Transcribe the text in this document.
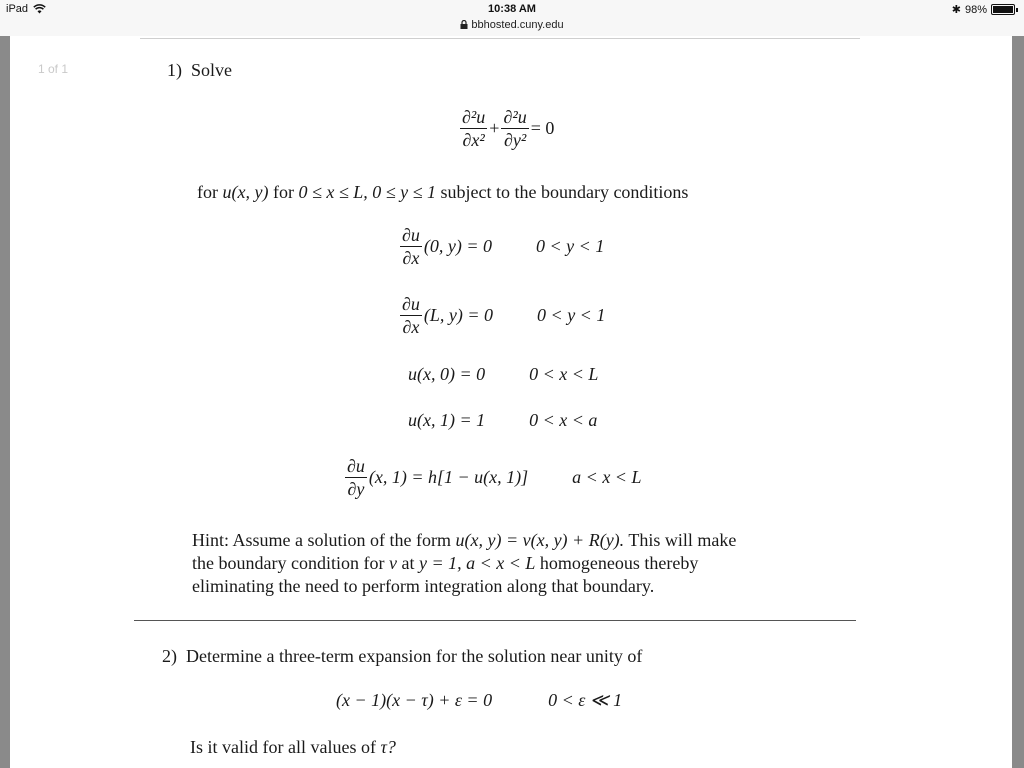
iPad	10:38 AM
bbhosted.cuny.edu
✱ 98%
1 of 1	1) Solve
$\frac{\text{∂²u}}{\text{∂x²}} + \frac{\text{∂²u}}{\text{∂y²}} = 0$
for u(x, y) for 0 ≤ x ≤ L, 0 ≤ y ≤ 1 subject to the boundary conditions
$\frac{\partial u}{\partial x} (0$, y) = 0 0 < y < 1
$\frac{\partial u}{\partial x} (L$, y) = 0 0 < y < 1
u(x, 0) = 0 0 < x < L
u(x, 1) = 1 0 < x < a
$\frac{\partial u}{\partial y} (x$, 1) = h[1 − u(x, 1)] a < x < L
Hint: Assume a solution of the form u(x, y) = v(x, y) + R(y). This will make
the boundary condition for v at y = 1, a < x < L homogeneous thereby
eliminating the need to perform integration along that boundary.
2) Determine a three-term expansion for the solution near unity of
(x − 1)(x − τ) + ε = 0	0 < ε ≪ 1
Is it valid for all values of τ?
